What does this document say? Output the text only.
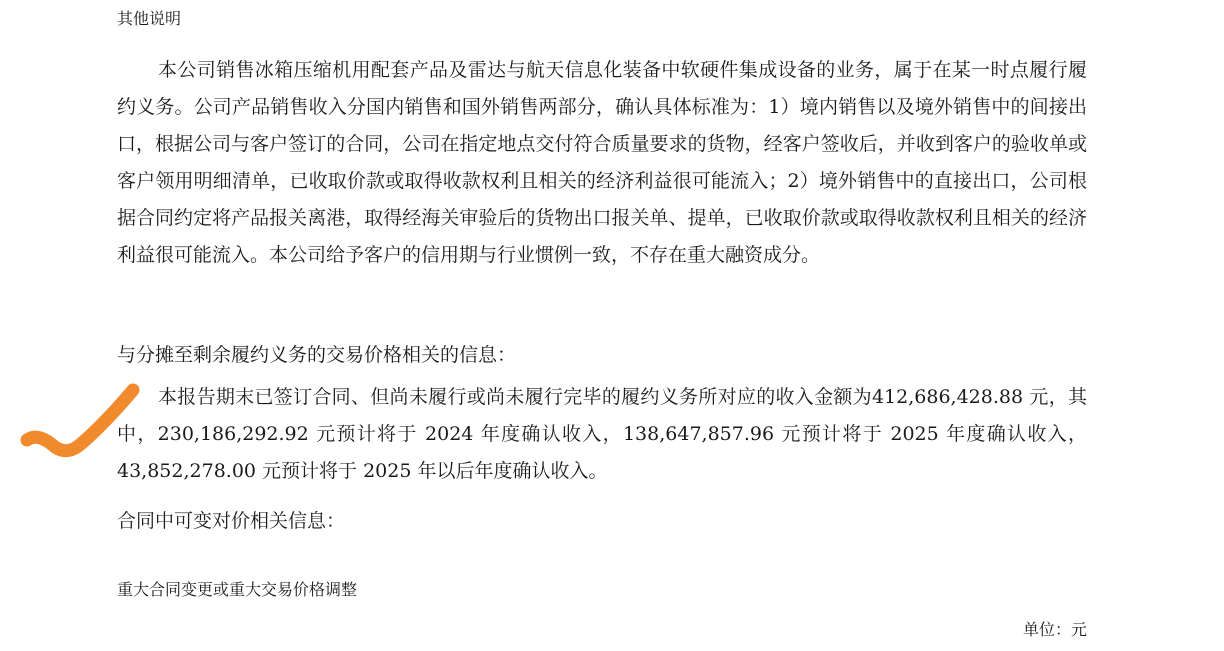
其他说明

本公司销售冰箱压缩机用配套产品及雷达与航天信息化装备中软硬件集成设备的业务，属于在某一时点履行履约义务。公司产品销售收入分国内销售和国外销售两部分，确认具体标准为：1）境内销售以及境外销售中的间接出口，根据公司与客户签订的合同，公司在指定地点交付符合质量要求的货物，经客户签收后，并收到客户的验收单或客户领用明细清单，已收取价款或取得收款权利且相关的经济利益很可能流入；2）境外销售中的直接出口，公司根据合同约定将产品报关离港，取得经海关审验后的货物出口报关单、提单，已收取价款或取得收款权利且相关的经济利益很可能流入。本公司给予客户的信用期与行业惯例一致，不存在重大融资成分。

与分摊至剩余履约义务的交易价格相关的信息：

本报告期末已签订合同、但尚未履行或尚未履行完毕的履约义务所对应的收入金额为412,686,428.88 元，其中，230,186,292.92 元预计将于 2024 年度确认收入，138,647,857.96 元预计将于 2025 年度确认收入，43,852,278.00 元预计将于 2025 年以后年度确认收入。

合同中可变对价相关信息：
重大合同变更或重大交易价格调整
单位：元
